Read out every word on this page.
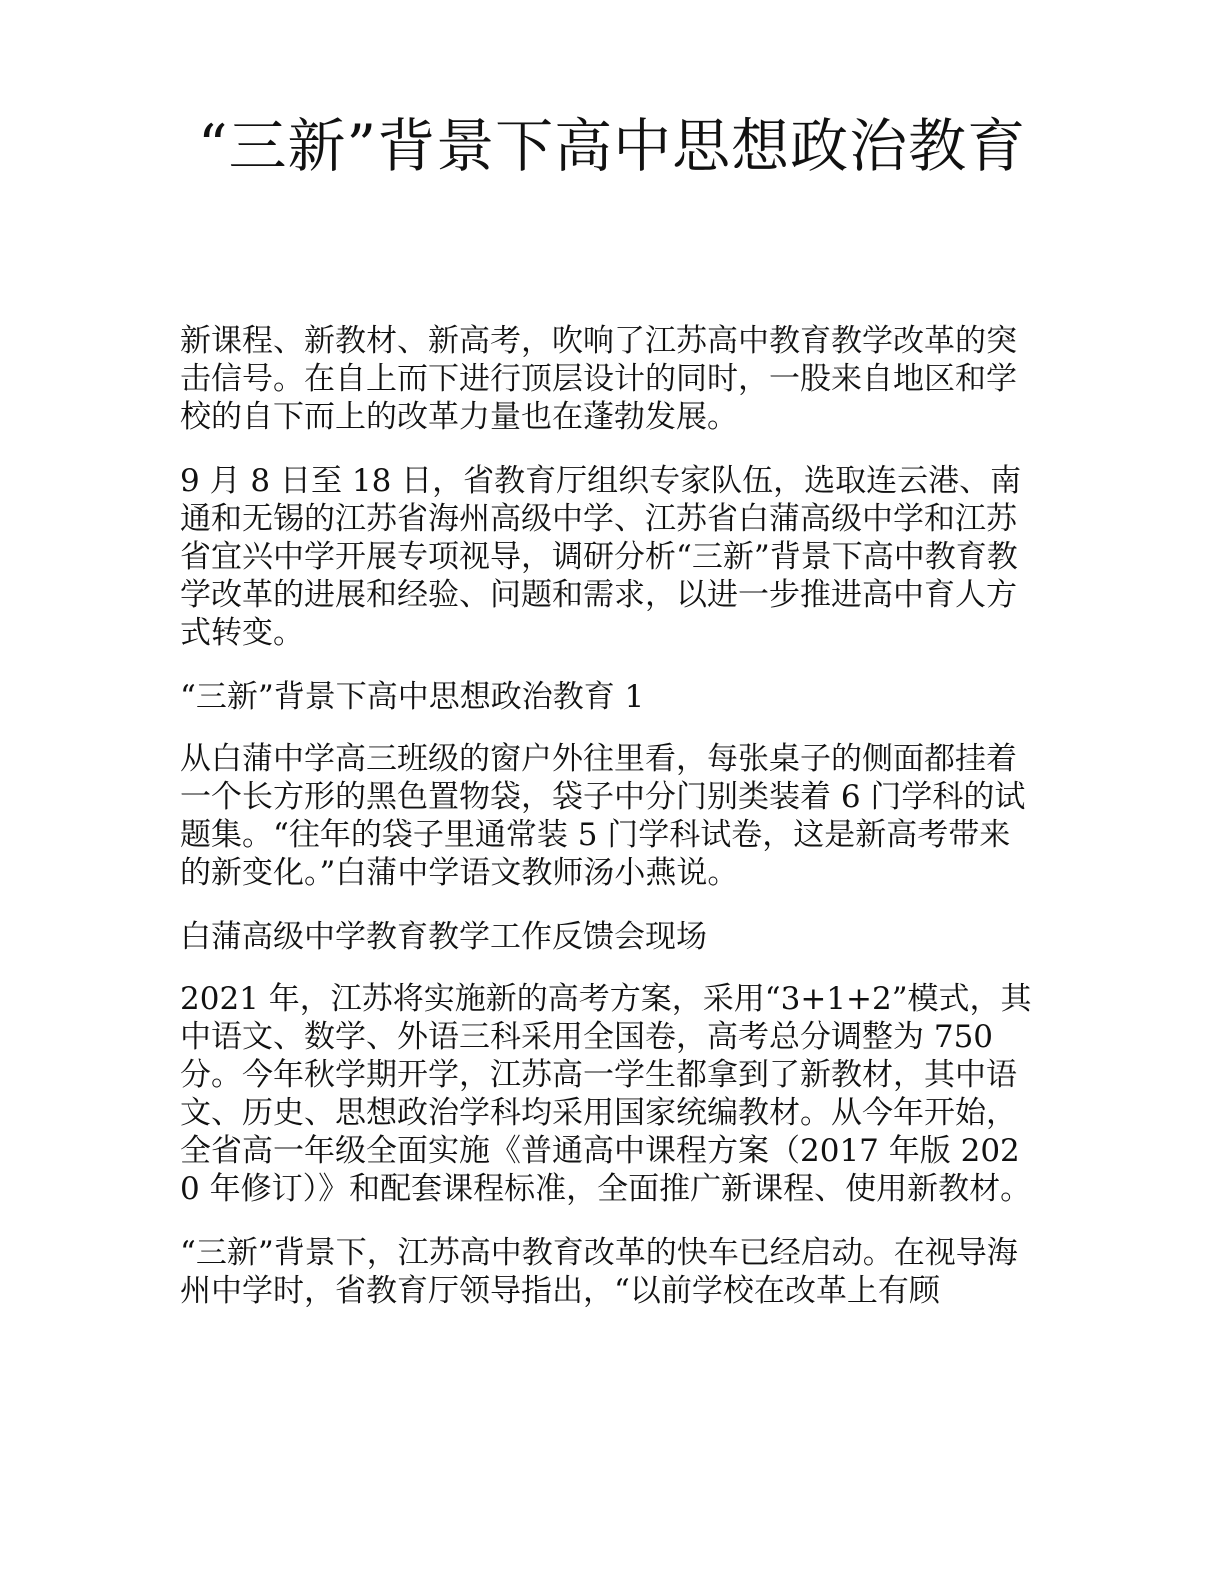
“三新”背景下高中思想政治教育

新课程、新教材、新高考，吹响了江苏高中教育教学改革的突击信号。在自上而下进行顶层设计的同时，一股来自地区和学校的自下而上的改革力量也在蓬勃发展。

9 月 8 日至 18 日，省教育厅组织专家队伍，选取连云港、南通和无锡的江苏省海州高级中学、江苏省白蒲高级中学和江苏省宜兴中学开展专项视导，调研分析“三新”背景下高中教育教学改革的进展和经验、问题和需求，以进一步推进高中育人方式转变。

“三新”背景下高中思想政治教育 1

从白蒲中学高三班级的窗户外往里看，每张桌子的侧面都挂着一个长方形的黑色置物袋，袋子中分门别类装着 6 门学科的试题集。“往年的袋子里通常装 5 门学科试卷，这是新高考带来的新变化。”白蒲中学语文教师汤小燕说。

白蒲高级中学教育教学工作反馈会现场

2021 年，江苏将实施新的高考方案，采用“3+1+2”模式，其中语文、数学、外语三科采用全国卷，高考总分调整为 750 分。今年秋学期开学，江苏高一学生都拿到了新教材，其中语文、历史、思想政治学科均采用国家统编教材。从今年开始，全省高一年级全面实施《普通高中课程方案（2017 年版 2020 年修订）》和配套课程标准，全面推广新课程、使用新教材。

“三新”背景下，江苏高中教育改革的快车已经启动。在视导海州中学时，省教育厅领导指出，“以前学校在改革上有顾
